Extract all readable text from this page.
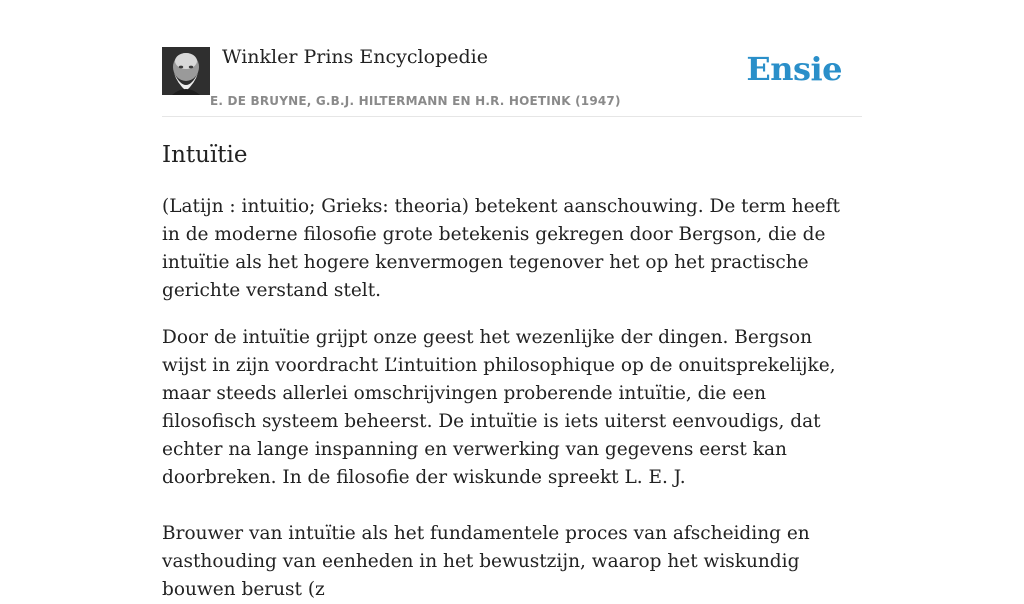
Winkler Prins Encyclopedie
E. DE BRUYNE, G.B.J. HILTERMANN EN H.R. HOETINK (1947)
Ensie
Intuïtie

(Latijn : intuitio; Grieks: theoria) betekent aanschouwing. De term heeft in de moderne filosofie grote betekenis gekregen door Bergson, die de intuïtie als het hogere kenvermogen tegenover het op het practische gerichte verstand stelt.

Door de intuïtie grijpt onze geest het wezenlijke der dingen. Bergson wijst in zijn voordracht L’intuition philosophique op de onuitsprekelijke, maar steeds allerlei omschrijvingen proberende intuïtie, die een filosofisch systeem beheerst. De intuïtie is iets uiterst eenvoudigs, dat echter na lange inspanning en verwerking van gegevens eerst kan doorbreken. In de filosofie der wiskunde spreekt L. E. J.

Brouwer van intuïtie als het fundamentele proces van afscheiding en vasthouding van eenheden in het bewustzijn, waarop het wiskundig bouwen berust (z
